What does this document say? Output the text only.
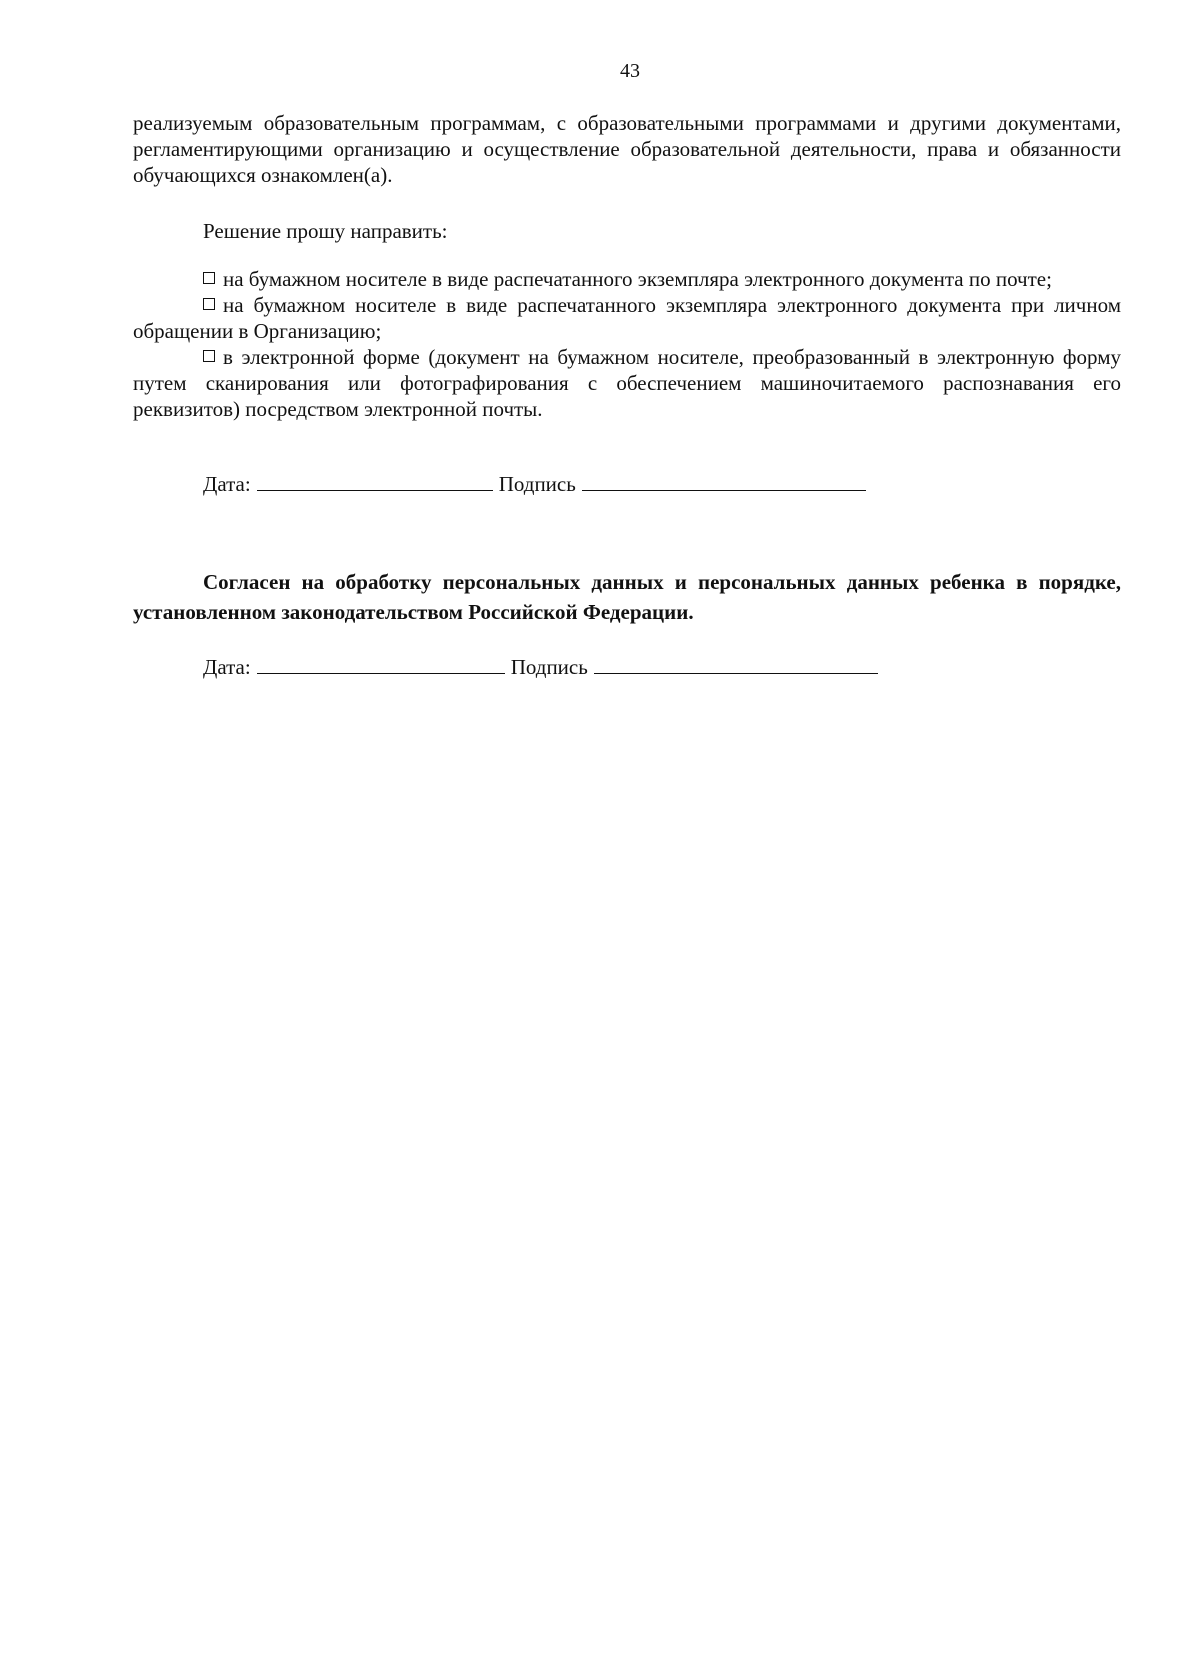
43

реализуемым образовательным программам, с образовательными программами и другими документами, регламентирующими организацию и осуществление образовательной деятельности, права и обязанности обучающихся ознакомлен(а).

Решение прошу направить:

на бумажном носителе в виде распечатанного экземпляра электронного документа по почте;

на бумажном носителе в виде распечатанного экземпляра электронного документа при личном обращении в Организацию;

в электронной форме (документ на бумажном носителе, преобразованный в электронную форму путем сканирования или фотографирования с обеспечением машиночитаемого распознавания его реквизитов) посредством электронной почты.

Дата:	Подпись

Согласен на обработку персональных данных и персональных данных ребенка в порядке, установленном законодательством Российской Федерации.

Дата:	Подпись
